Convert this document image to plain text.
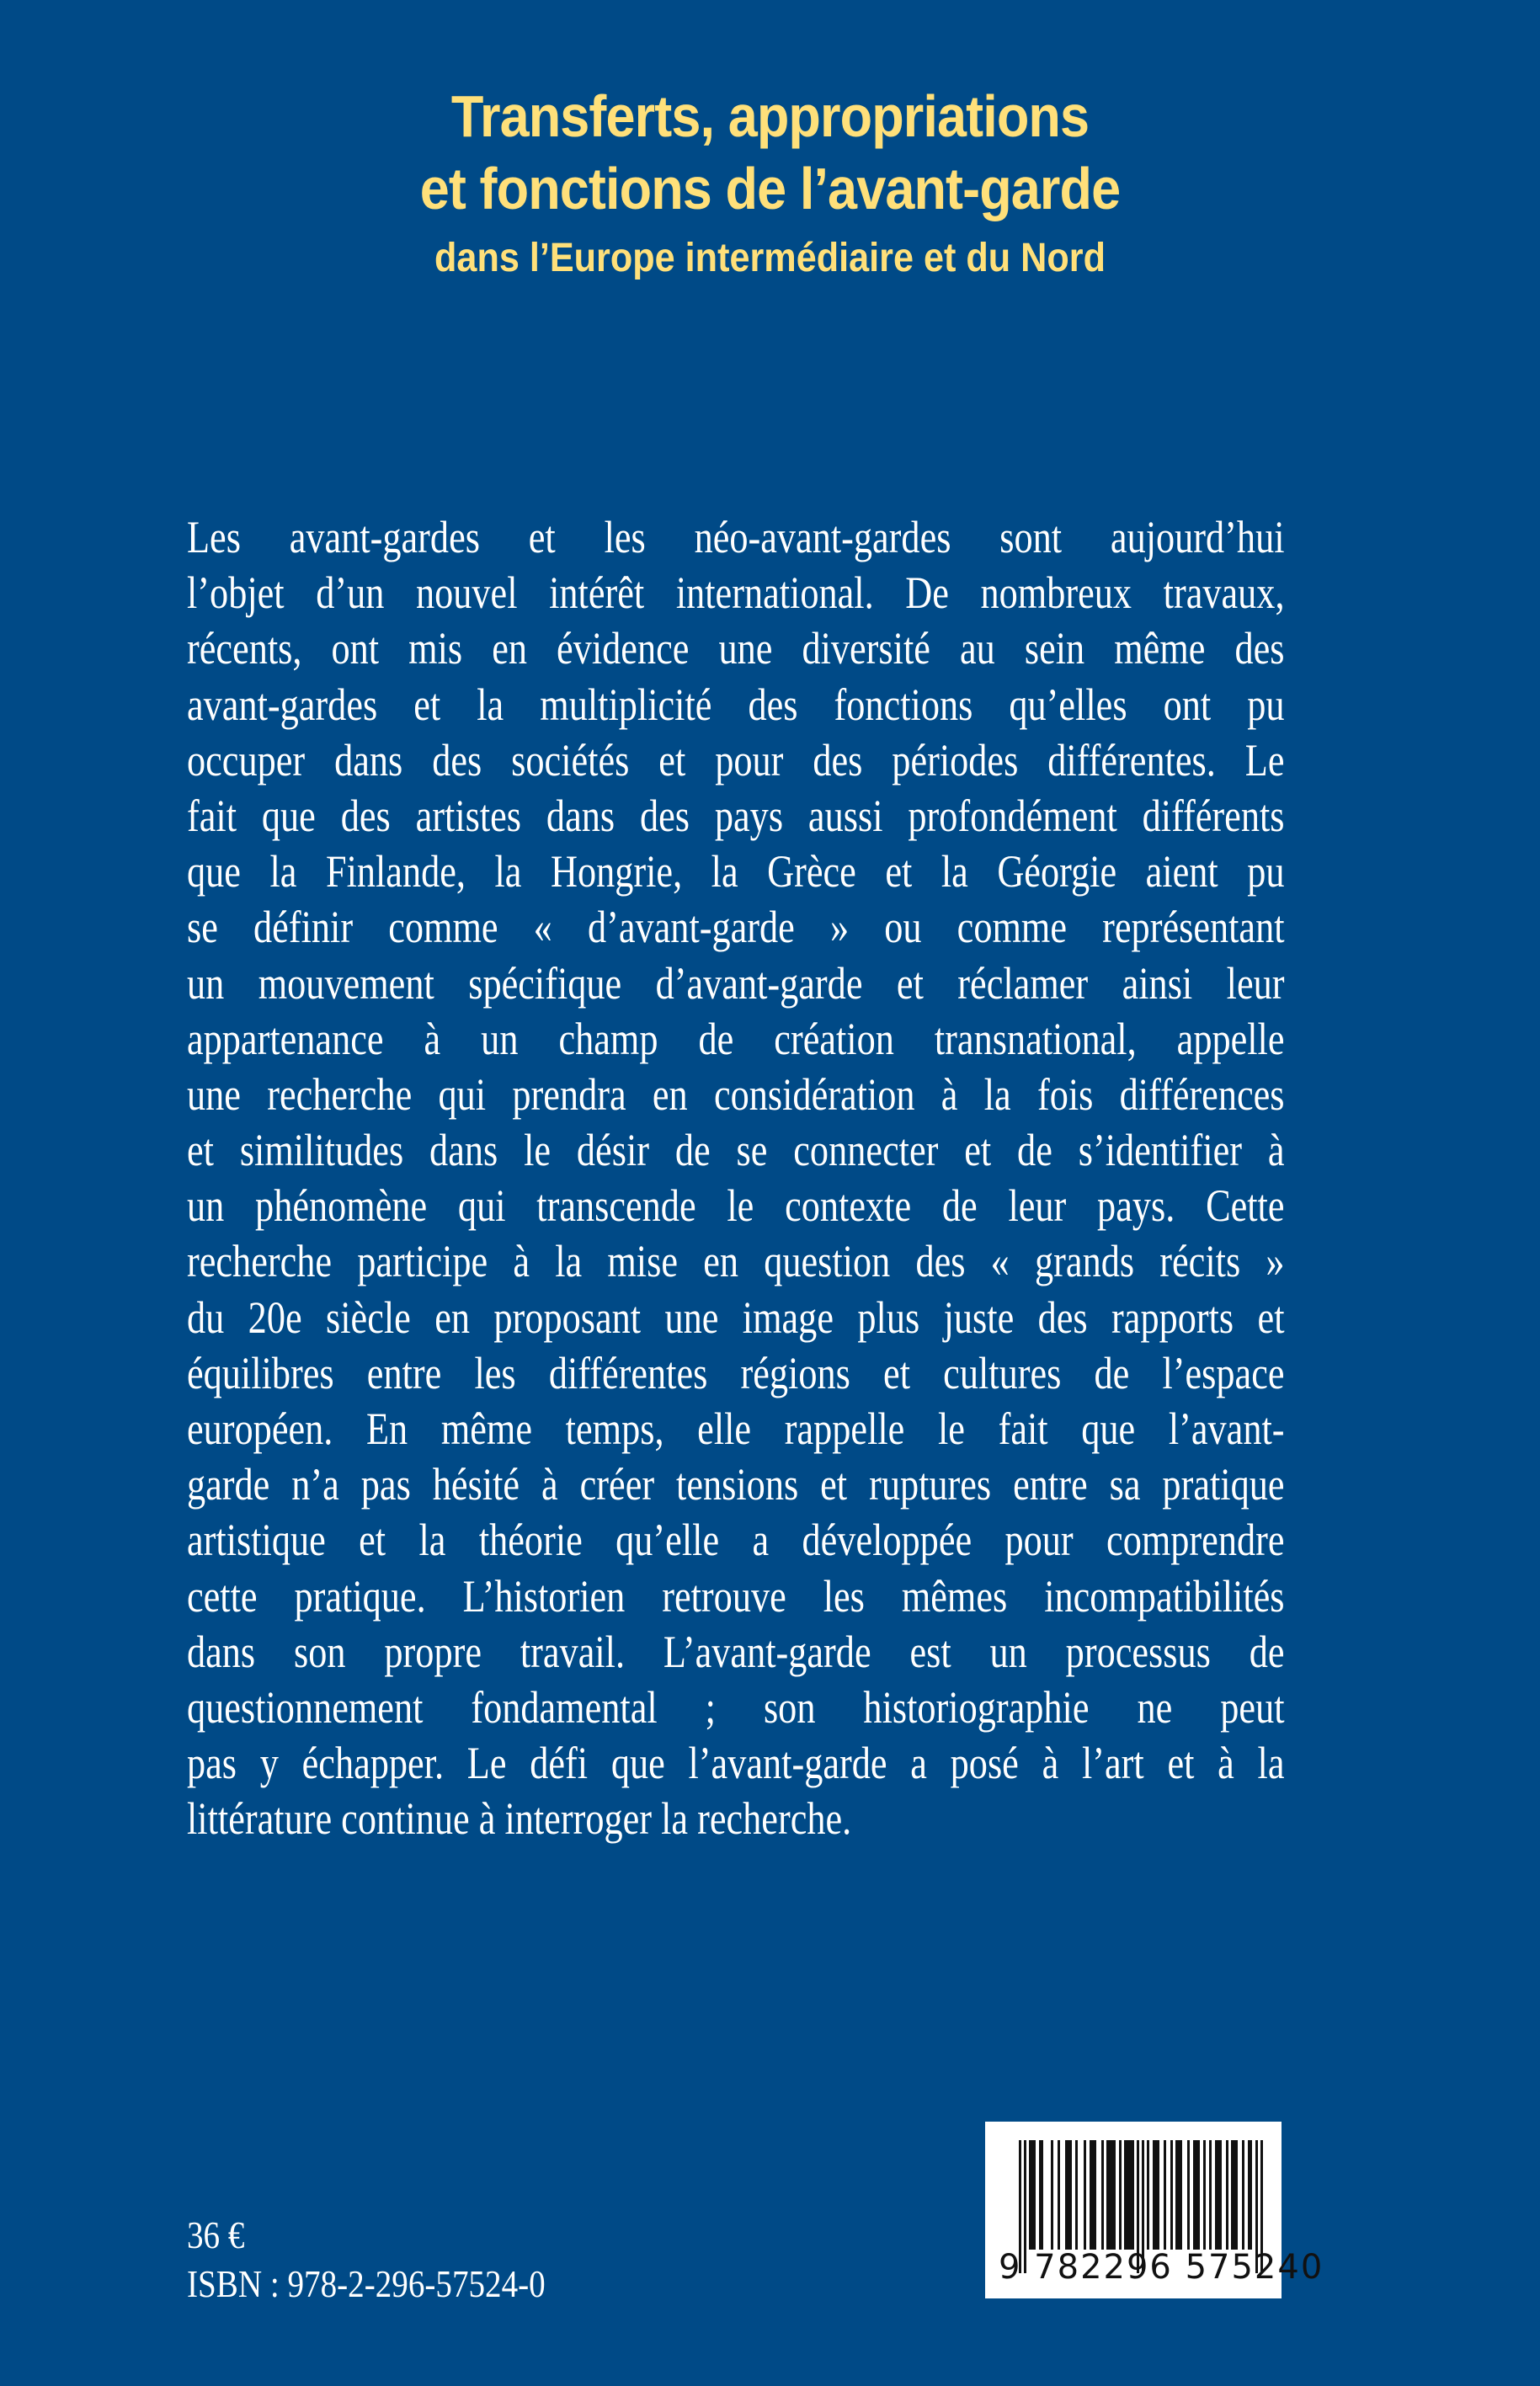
Transferts, appropriations
et fonctions de l’avant-garde
dans l’Europe intermédiaire et du Nord
Les avant-gardes et les néo-avant-gardes sont aujourd’hui
l’objet d’un nouvel intérêt international. De nombreux travaux,
récents, ont mis en évidence une diversité au sein même des
avant-gardes et la multiplicité des fonctions qu’elles ont pu
occuper dans des sociétés et pour des périodes différentes. Le
fait que des artistes dans des pays aussi profondément différents
que la Finlande, la Hongrie, la Grèce et la Géorgie aient pu
se définir comme « d’avant-garde » ou comme représentant
un mouvement spécifique d’avant-garde et réclamer ainsi leur
appartenance à un champ de création transnational, appelle
une recherche qui prendra en considération à la fois différences
et similitudes dans le désir de se connecter et de s’identifier à
un phénomène qui transcende le contexte de leur pays. Cette
recherche participe à la mise en question des « grands récits »
du 20e siècle en proposant une image plus juste des rapports et
équilibres entre les différentes régions et cultures de l’espace
européen. En même temps, elle rappelle le fait que l’avant-
garde n’a pas hésité à créer tensions et ruptures entre sa pratique
artistique et la théorie qu’elle a développée pour comprendre
cette pratique. L’historien retrouve les mêmes incompatibilités
dans son propre travail. L’avant-garde est un processus de
questionnement fondamental ; son historiographie ne peut
pas y échapper. Le défi que l’avant-garde a posé à l’art et à la
littérature continue à interroger la recherche.
36 €
ISBN : 978-2-296-57524-0	9 782296 575240
